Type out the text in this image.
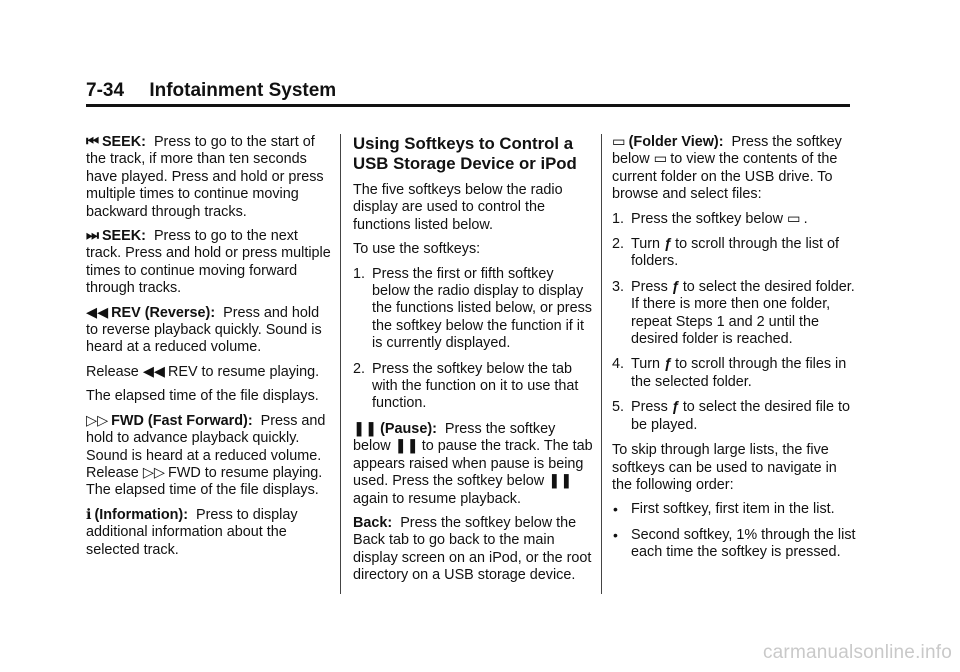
7-34 Infotainment System

⏮ SEEK: Press to go to the start of the track, if more than ten seconds have played. Press and hold or press multiple times to continue moving backward through tracks.

⏭ SEEK: Press to go to the next track. Press and hold or press multiple times to continue moving forward through tracks.

◀◀ REV (Reverse): Press and hold to reverse playback quickly. Sound is heard at a reduced volume.

Release ◀◀ REV to resume playing.

The elapsed time of the file displays.

▷▷ FWD (Fast Forward): Press and hold to advance playback quickly. Sound is heard at a reduced volume. Release ▷▷ FWD to resume playing. The elapsed time of the file displays.

ℹ (Information): Press to display additional information about the selected track.

Using Softkeys to Control a USB Storage Device or iPod

The five softkeys below the radio display are used to control the functions listed below.

To use the softkeys:

1. Press the first or fifth softkey below the radio display to display the functions listed below, or press the softkey below the function if it is currently displayed.
2. Press the softkey below the tab with the function on it to use that function.

❚❚ (Pause): Press the softkey below ❚❚ to pause the track. The tab appears raised when pause is being used. Press the softkey below ❚❚again to resume playback.

Back: Press the softkey below the Back tab to go back to the main display screen on an iPod, or the root directory on a USB storage device.

▭ (Folder View): Press the softkey below ▭ to view the contents of the current folder on the USB drive. To browse and select files:

1. Press the softkey below ▭ .
2. Turn ƒ to scroll through the list of folders.
3. Press ƒ to select the desired folder. If there is more then one folder, repeat Steps 1 and 2 until the desired folder is reached.
4. Turn ƒ to scroll through the files in the selected folder.
5. Press ƒ to select the desired file to be played.

To skip through large lists, the five softkeys can be used to navigate in the following order:

• First softkey, first item in the list.
• Second softkey, 1% through the list each time the softkey is pressed.
carmanualsonline.info
